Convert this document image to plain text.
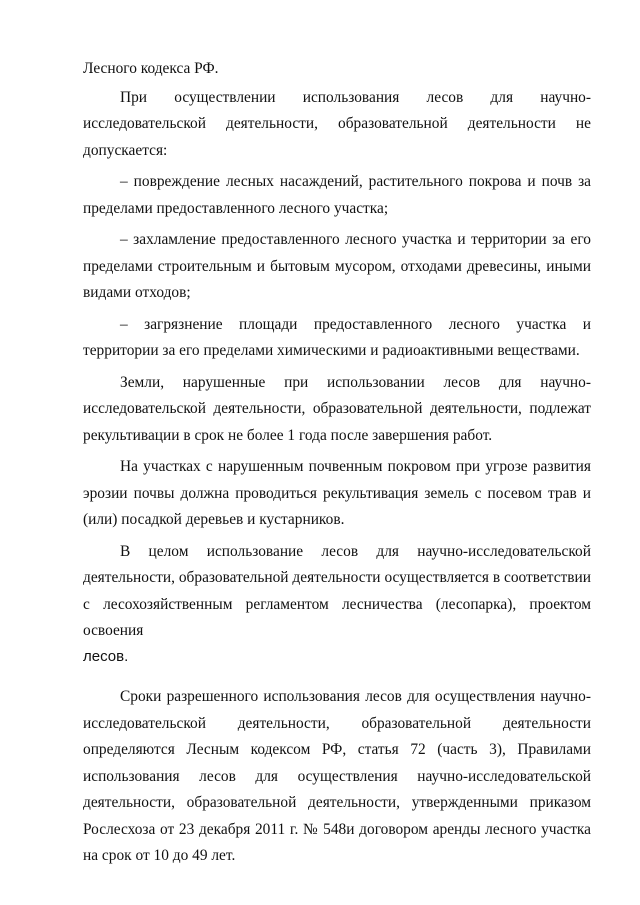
Лесного кодекса РФ.

При осуществлении использования лесов для научно-исследовательской деятельности, образовательной деятельности не допускается:

– повреждение лесных насаждений, растительного покрова и почв за пределами предоставленного лесного участка;

– захламление предоставленного лесного участка и территории за его пределами строительным и бытовым мусором, отходами древесины, иными видами отходов;

– загрязнение площади предоставленного лесного участка и территории за его пределами химическими и радиоактивными веществами.

Земли, нарушенные при использовании лесов для научно-исследовательской деятельности, образовательной деятельности, подлежат рекультивации в срок не более 1 года после завершения работ.

На участках с нарушенным почвенным покровом при угрозе развития эрозии почвы должна проводиться рекультивация земель с посевом трав и (или) посадкой деревьев и кустарников.

В целом использование лесов для научно-исследовательской деятельности, образовательной деятельности осуществляется в соответствии с лесохозяйственным регламентом лесничества (лесопарка), проектом освоения

лесов.

Сроки разрешенного использования лесов для осуществления научно-исследовательской деятельности, образовательной деятельности определяются Лесным кодексом РФ, статья 72 (часть 3), Правилами использования лесов для осуществления научно-исследовательской деятельности, образовательной деятельности, утвержденными приказом Рослесхоза от 23 декабря 2011 г. № 548и договором аренды лесного участка на срок от 10 до 49 лет.
